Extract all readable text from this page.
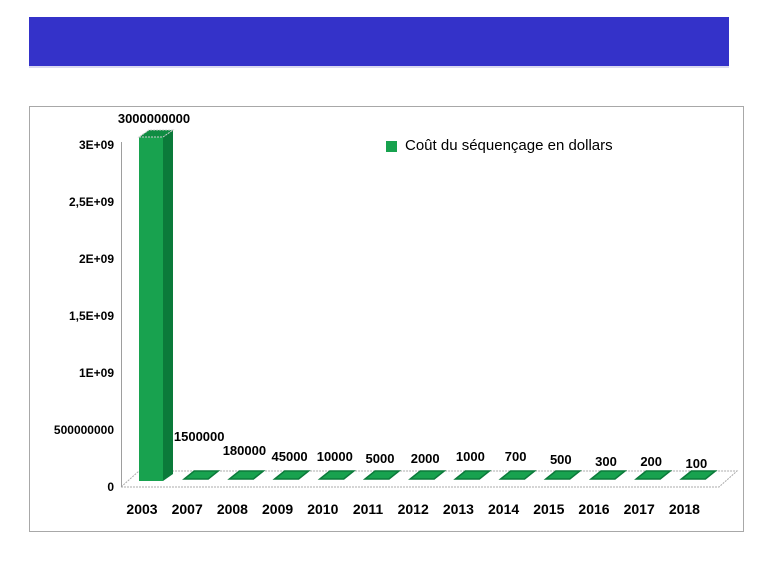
3E+09
2,5E+09
2E+09
1,5E+09
1E+09
500000000
0
2003	2007	2008	2009	2010	2011	2012	2013	2014	2015	2016	2017	2018
3000000000
1500000
180000 45000 10000 5000	2000	1000	700	500	300	200	100
Coût du séquençage en dollars
